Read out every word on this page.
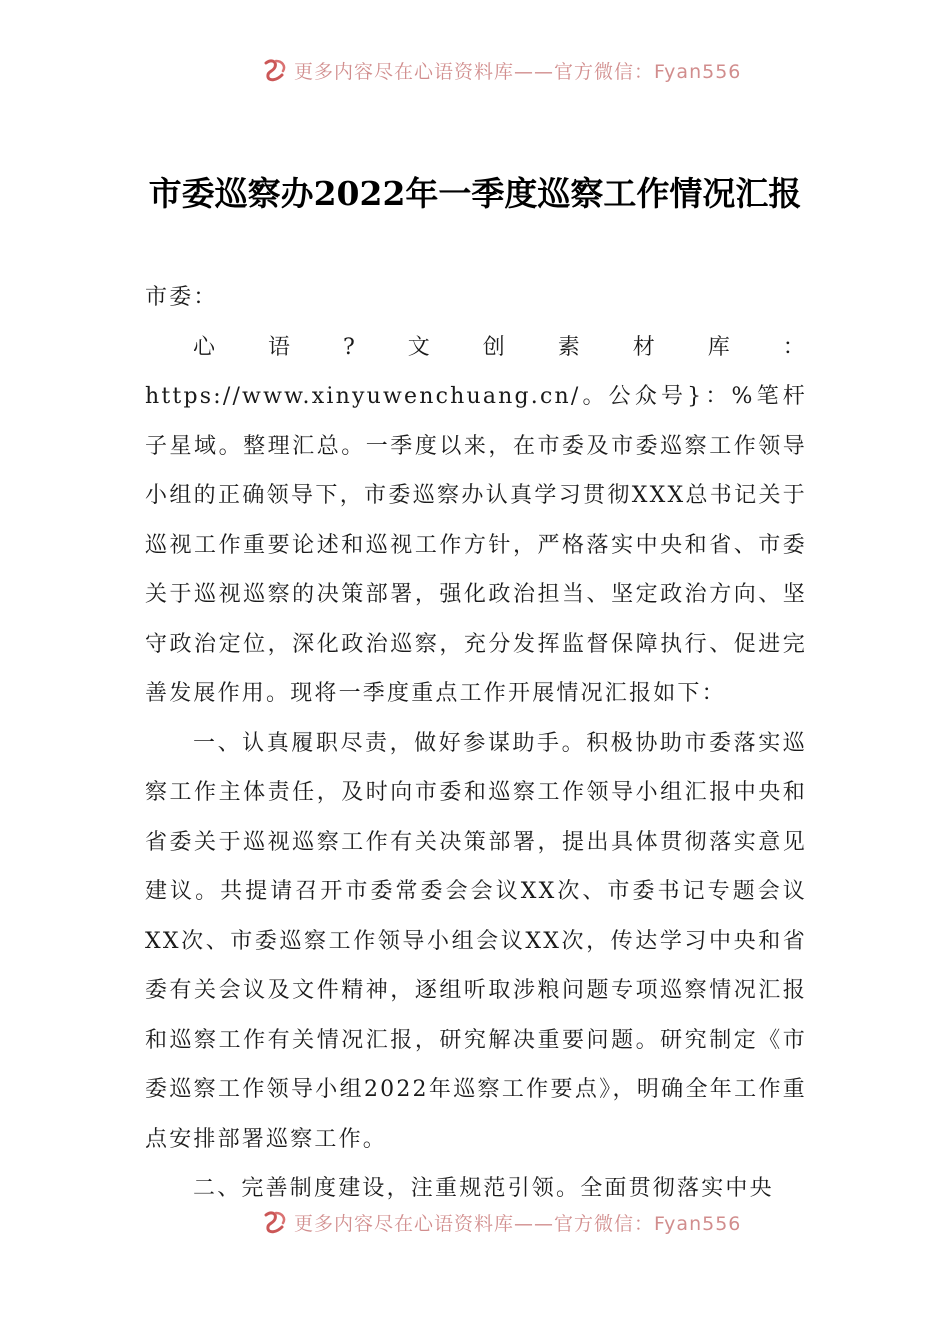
更多内容尽在心语资料库——官方微信：Fyan556
市委巡察办2022年一季度巡察工作情况汇报

市委：

心语?文创素材库：https://www.xinyuwenchuang.cn/。公众号}：%笔杆子星域。整理汇总。一季度以来，在市委及市委巡察工作领导小组的正确领导下，市委巡察办认真学习贯彻XXX总书记关于巡视工作重要论述和巡视工作方针，严格落实中央和省、市委关于巡视巡察的决策部署，强化政治担当、坚定政治方向、坚守政治定位，深化政治巡察，充分发挥监督保障执行、促进完善发展作用。现将一季度重点工作开展情况汇报如下：

一、认真履职尽责，做好参谋助手。积极协助市委落实巡察工作主体责任，及时向市委和巡察工作领导小组汇报中央和省委关于巡视巡察工作有关决策部署，提出具体贯彻落实意见建议。共提请召开市委常委会会议XX次、市委书记专题会议XX次、市委巡察工作领导小组会议XX次，传达学习中央和省委有关会议及文件精神，逐组听取涉粮问题专项巡察情况汇报和巡察工作有关情况汇报，研究解决重要问题。研究制定《市委巡察工作领导小组2022年巡察工作要点》，明确全年工作重点安排部署巡察工作。

二、完善制度建设，注重规范引领。全面贯彻落实中央

更多内容尽在心语资料库——官方微信：Fyan556
